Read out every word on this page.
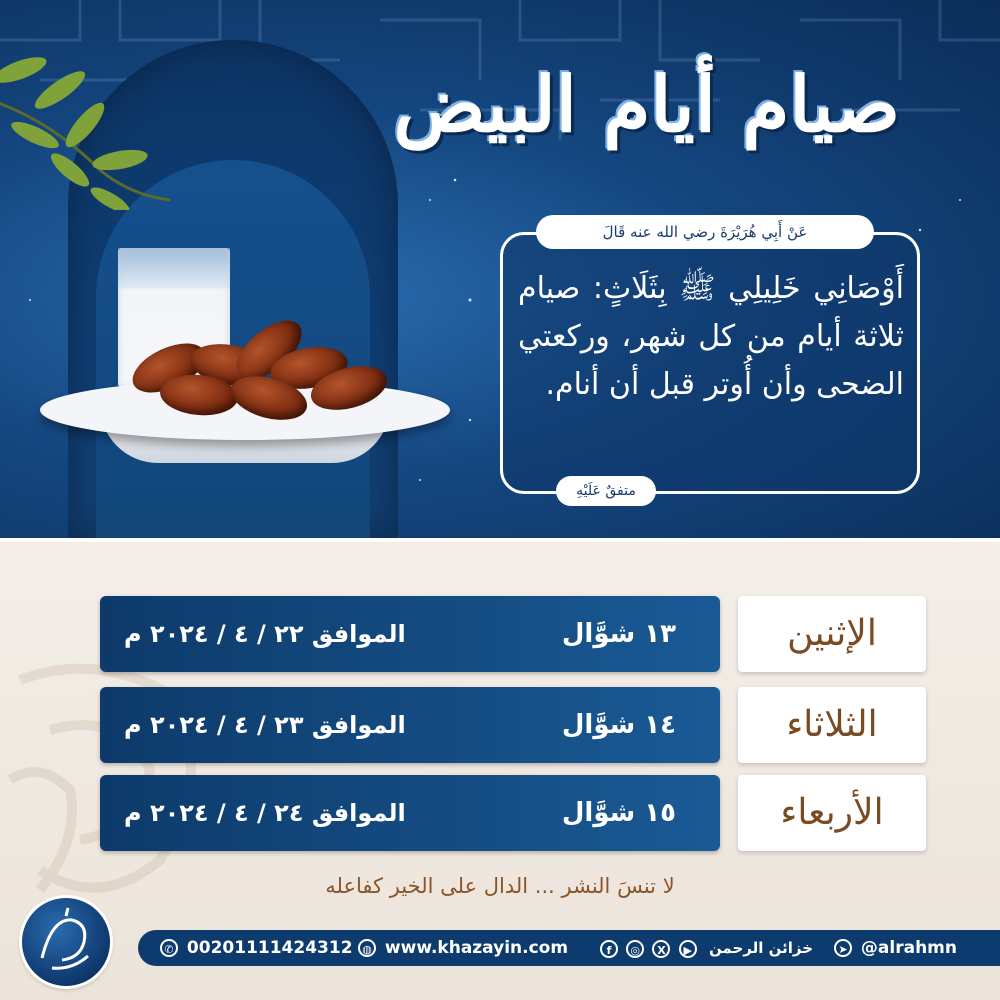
صيام أيام البيض
عَنْ أَبِي هُرَيْرَةَ رضي الله عنه قَالَ
أَوْصَانِي خَلِيلِي ﷺ بِثَلَاثٍ: صيام ثلاثة أيام من كل شهر، وركعتي الضحى وأن أُوتر قبل أن أنام.
متفقٌ عَلَيْهِ
الموافق ٢٢ / ٤ / ٢٠٢٤ م	١٣ شوَّال	الإثنين
الموافق ٢٣ / ٤ / ٢٠٢٤ م	١٤ شوَّال	الثلاثاء
الموافق ٢٤ / ٤ / ٢٠٢٤ م	١٥ شوَّال	الأربعاء
لا تنسَ النشر ... الدال على الخير كفاعله
✆ 00201111424312 ◍ www.khazayin.com	f ◎ X ▶ خزائن الرحمن	➤ @alrahmn
